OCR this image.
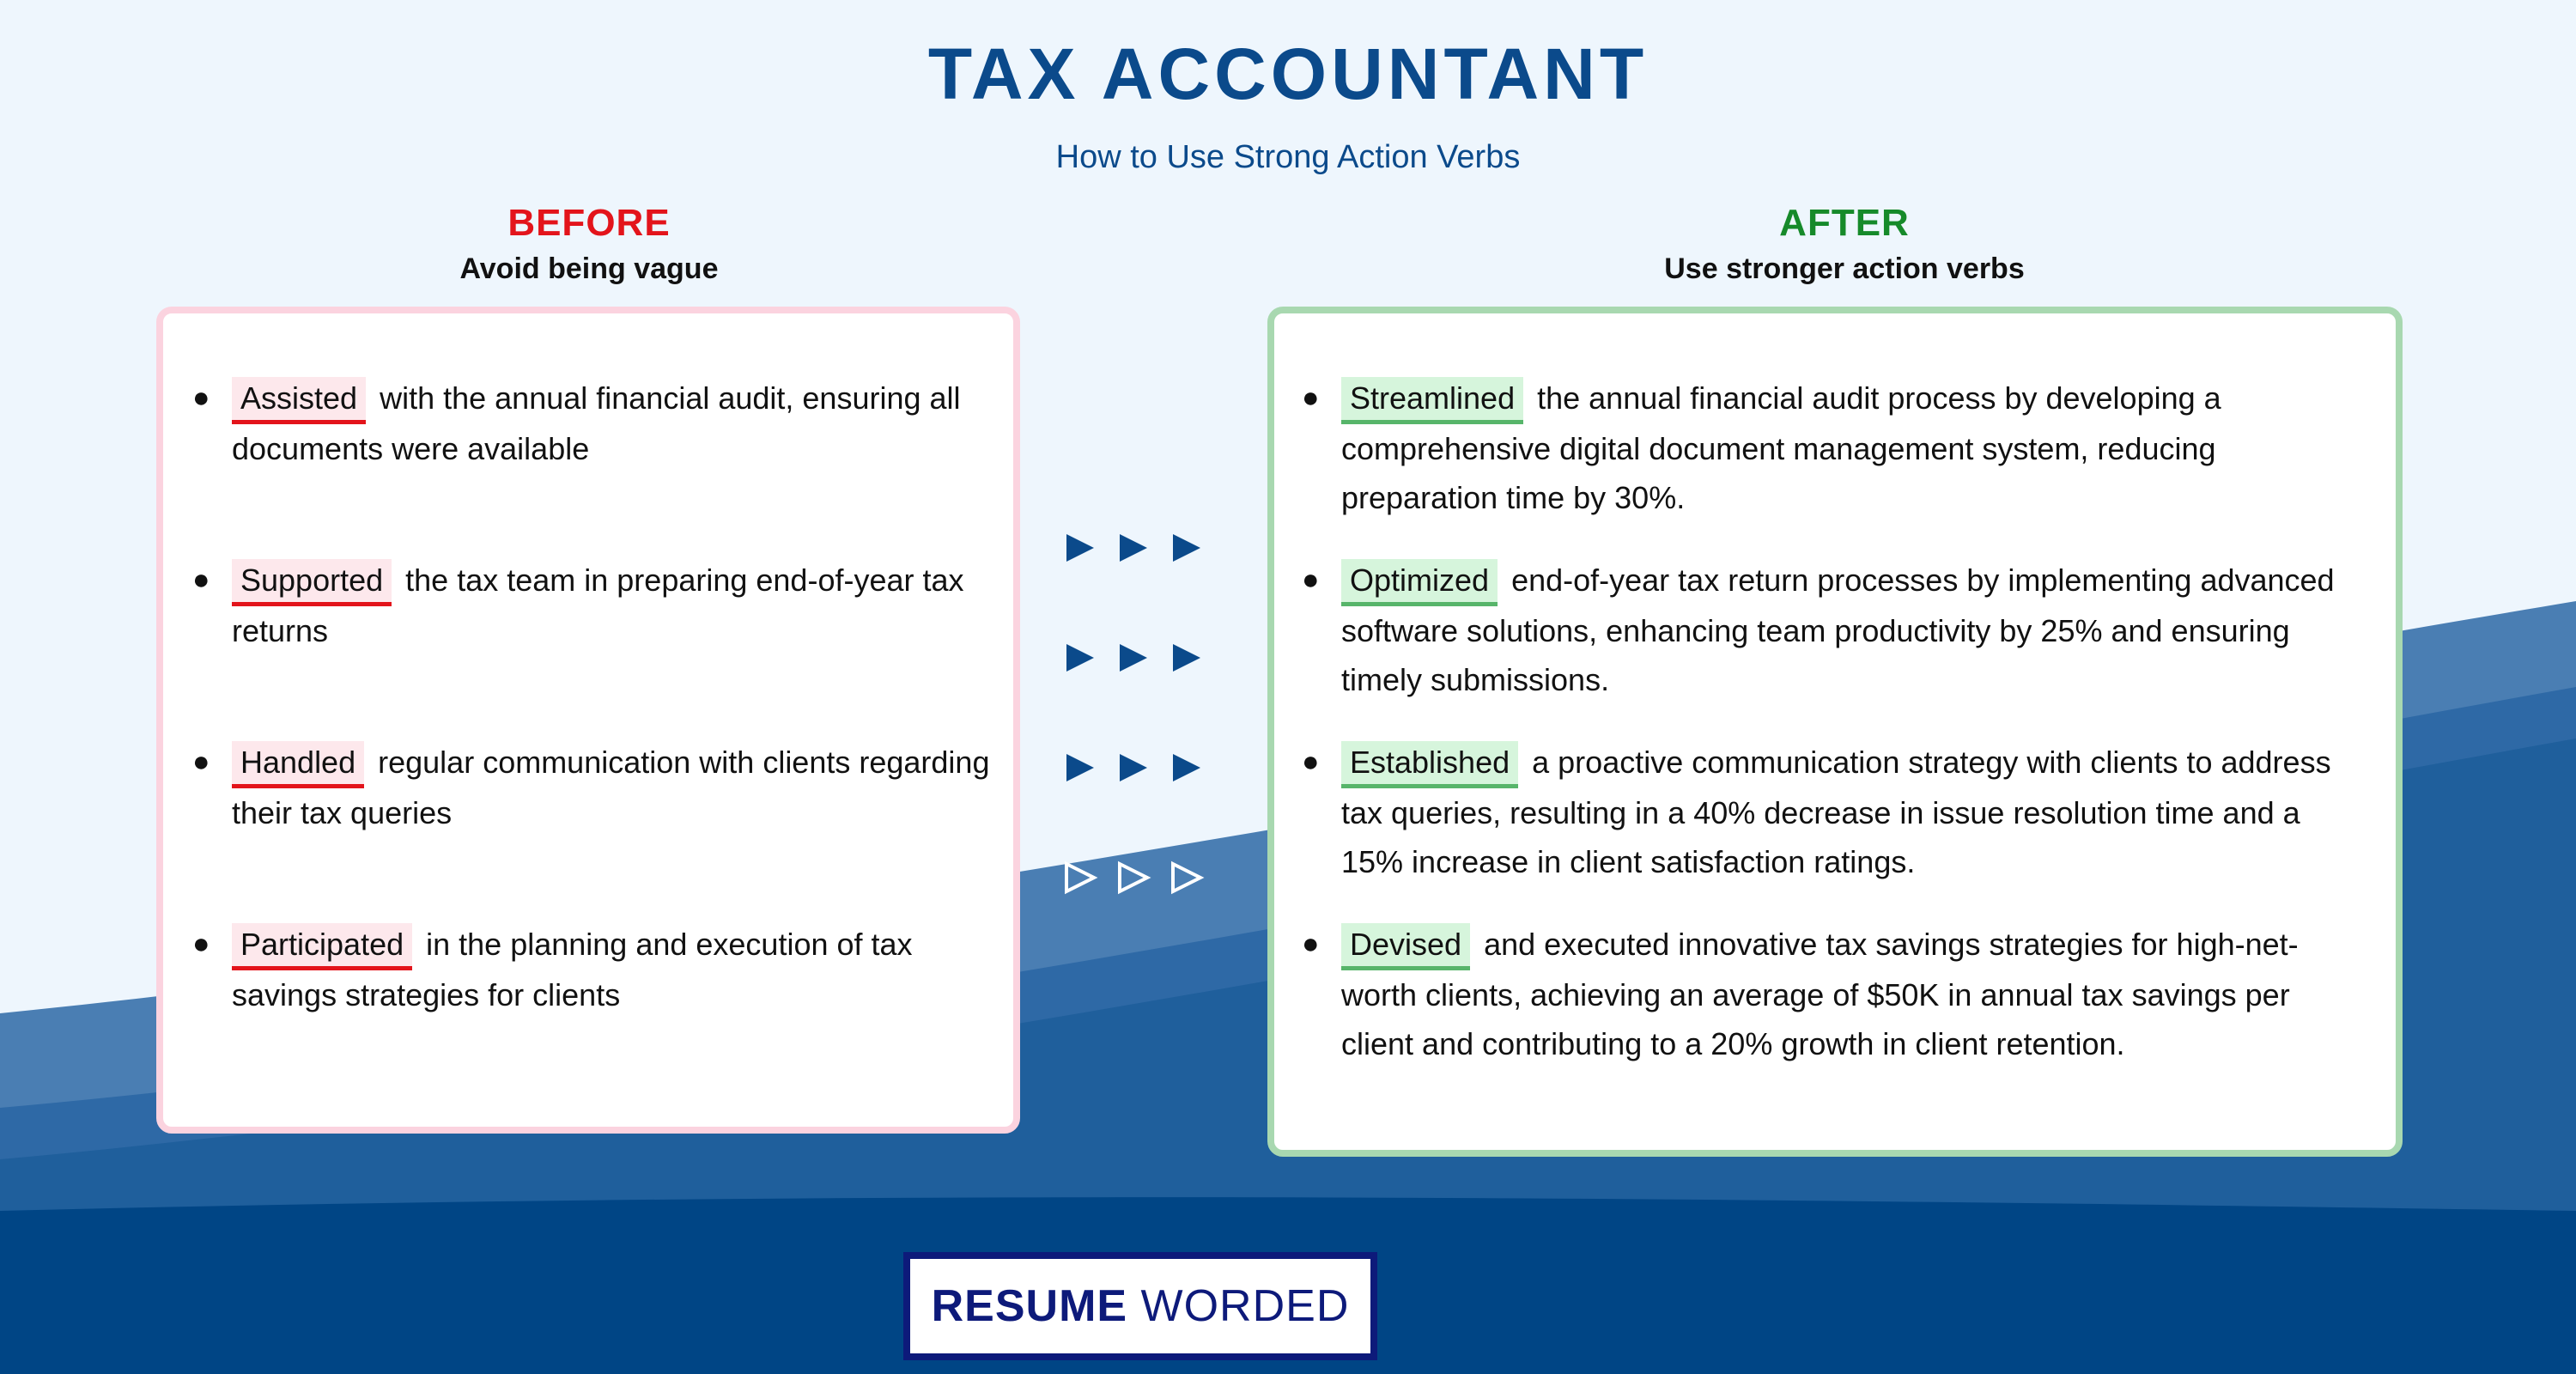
TAX ACCOUNTANT
How to Use Strong Action Verbs
BEFORE
Avoid being vague
AFTER
Use stronger action verbs
● Assisted with the annual financial audit, ensuring all documents were available
● Supported the tax team in preparing end-of-year tax returns
● Handled regular communication with clients regarding their tax queries
● Participated in the planning and execution of tax savings strategies for clients
● Streamlined the annual financial audit process by developing a comprehensive digital document management system, reducing preparation time by 30%.
● Optimized end-of-year tax return processes by implementing advanced software solutions, enhancing team productivity by 25% and ensuring timely submissions.
● Established a proactive communication strategy with clients to address tax queries, resulting in a 40% decrease in issue resolution time and a 15% increase in client satisfaction ratings.
● Devised and executed innovative tax savings strategies for high-net-worth clients, achieving an average of $50K in annual tax savings per client and contributing to a 20% growth in client retention.
RESUME WORDED
